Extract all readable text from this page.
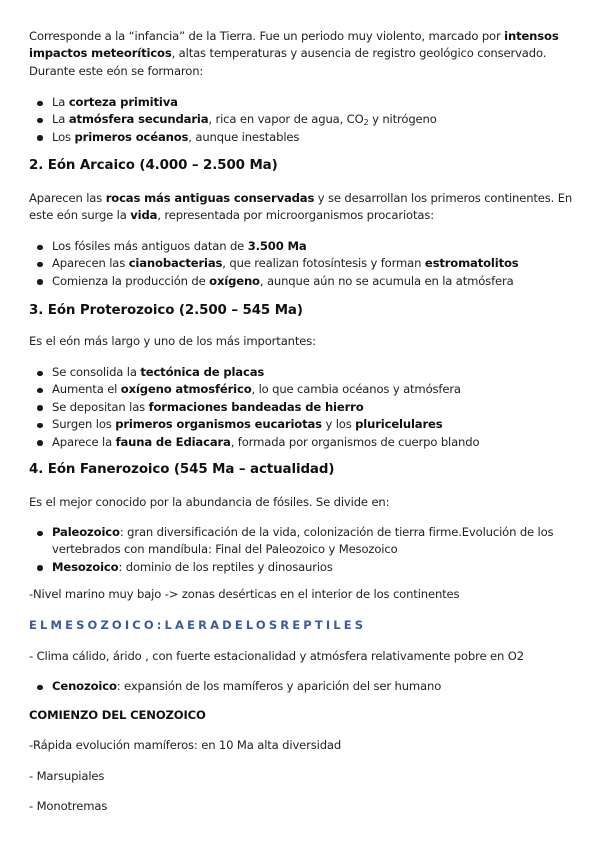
Corresponde a la “infancia” de la Tierra. Fue un periodo muy violento, marcado por intensos impactos meteoríticos, altas temperaturas y ausencia de registro geológico conservado.
Durante este eón se formaron:

La corteza primitiva
La atmósfera secundaria, rica en vapor de agua, $CO_2$ y nitrógeno
Los primeros océanos, aunque inestables
2. Eón Arcaico (4.000 – 2.500 Ma)

Aparecen las rocas más antiguas conservadas y se desarrollan los primeros continentes. En este eón surge la vida, representada por microorganismos procariotas:

Los fósiles más antiguos datan de 3.500 Ma
Aparecen las cianobacterias, que realizan fotosíntesis y forman estromatolitos
Comienza la producción de oxígeno, aunque aún no se acumula en la atmósfera
3. Eón Proterozoico (2.500 – 545 Ma)

Es el eón más largo y uno de los más importantes:

Se consolida la tectónica de placas
Aumenta el oxígeno atmosférico, lo que cambia océanos y atmósfera
Se depositan las formaciones bandeadas de hierro
Surgen los primeros organismos eucariotas y los pluricelulares
Aparece la fauna de Ediacara, formada por organismos de cuerpo blando
4. Eón Fanerozoico (545 Ma – actualidad)

Es el mejor conocido por la abundancia de fósiles. Se divide en:

Paleozoico: gran diversificación de la vida, colonización de tierra firme.Evolución de los vertebrados con mandíbula: Final del Paleozoico y Mesozoico
Mesozoico: dominio de los reptiles y dinosaurios

-Nivel marino muy bajo -> zonas desérticas en el interior de los continentes

ELMESOZOICO:LAERADELOSREPTILES

- Clima cálido, árido , con fuerte estacionalidad y atmósfera relativamente pobre en O2

Cenozoico: expansión de los mamíferos y aparición del ser humano

COMIENZO DEL CENOZOICO

-Rápida evolución mamíferos: en 10 Ma alta diversidad

- Marsupiales

- Monotremas
